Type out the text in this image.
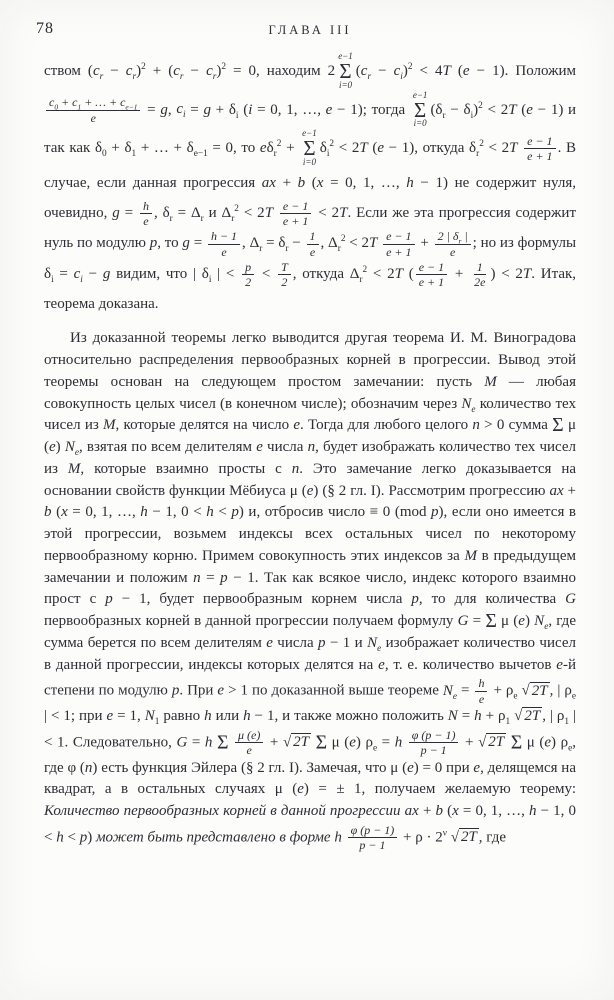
78	ГЛАВА III

ством $(c_r - c_r)^2 + (c_r - c_r)^2 = 0$, находим 2
e−1
Σ
i=0
$(c_r - c_i)^2 < 4T$ (e − 1). Положим
$\frac{c_0 + c_1 + \dots + c_{e-1}}{e} = g$, $c_i = g + \delta_i$ (i = 0, 1, …, e − 1); тогда
e−1
Σ
i=0
$(\delta_r - \delta_i)^2 < 2T$ (e − 1) и так как $\delta_0 + \delta_1$ + … + $\delta_{e-1} = 0$, то $e\delta_r^2$ +
e−1
Σ
i=0
$\delta_i^2 < 2T$ (e − 1), откуда $\delta_r^2 < 2T \frac{e - 1}{e + 1}$ . В случае, если данная прогрессия ax + b (x = 0, 1, …, h − 1) не содержит нуля, очевидно, $g = \frac{h}{e}$ , $\delta_r = \Delta_r$ и $\Delta_r^2 < 2T \frac{e - 1}{e + 1} < 2T$. Если же эта прогрессия содержит нуль по модулю p, то $g = \frac{h - 1}{e}$ , $\Delta_r = \delta_r - \frac{1}{e}$ , $\Delta_r^2 < 2T \frac{e - 1}{e + 1} + \frac{2 | \delta_r |}{e}$ ; но из формулы $\delta_i = c_i - g$ видим, что | $\delta_i$ | < $\frac{p}{2} < \frac{T}{2}$ , откуда $\Delta_r^2 < 2T$ ( $\frac{e - 1}{e + 1} + \frac{1}{2e}$ ) < 2T. Итак, теорема доказана.

Из доказанной теоремы легко выводится другая теорема И. М. Виноградова относительно распределения первообразных корней в прогрессии. Вывод этой теоремы основан на следующем простом замечании: пусть M — любая совокупность целых чисел (в конечном числе); обозначим через $N_e$ количество тех чисел из M, которые делятся на число e. Тогда для любого целого n > 0 сумма Σ μ (e) $N_e$, взятая по всем делителям e числа n, будет изображать количество тех чисел из M, которые взаимно просты с n. Это замечание легко доказывается на основании свойств функции Мёбиуса μ (e) (§ 2 гл. I). Рассмотрим прогрессию ax + b (x = 0, 1, …, h − 1, 0 < h < p) и, отбросив число ≡ 0 (mod p), если оно имеется в этой прогрессии, возьмем индексы всех остальных чисел по некоторому первообразному корню. Примем совокупность этих индексов за M в предыдущем замечании и положим n = p − 1. Так как всякое число, индекс которого взаимно прост с p − 1, будет первообразным корнем числа p, то для количества G первообразных корней в данной прогрессии получаем формулу G = Σ μ (e) $N_e$, где сумма берется по всем делителям e числа p − 1 и $N_e$ изображает количество чисел в данной прогрессии, индексы которых делятся на e, т. е. количество вычетов e-й степени по модулю p. При e > 1 по доказанной выше теореме $N_e = \frac{h}{e} + \rho_e$ √ 2T , | $\rho_e$ | < 1; при e = 1, $N_1$ равно h или h − 1, и также можно положить $N = h + \rho_1$ √ 2T , | $\rho_1$ | < 1. Следовательно, G = h Σ $\frac{\mu (e)}{e}$ + √ 2T Σ μ (e) $\rho_e = h \frac{\varphi (p - 1)}{p - 1}$ + √ 2T Σ μ (e) $\rho_e$, где φ (n) есть функция Эйлера (§ 2 гл. I). Замечая, что μ (e) = 0 при e, делящемся на квадрат, а в остальных случаях μ (e) = ± 1, получаем желаемую теорему: Количество первообразных корней в данной прогрессии ax + b (x = 0, 1, …, h − 1, 0 < h < p) может быть представлено в форме h $\frac{\varphi (p - 1)}{p - 1} + \rho \cdot 2^\nu$ √ 2T , где
